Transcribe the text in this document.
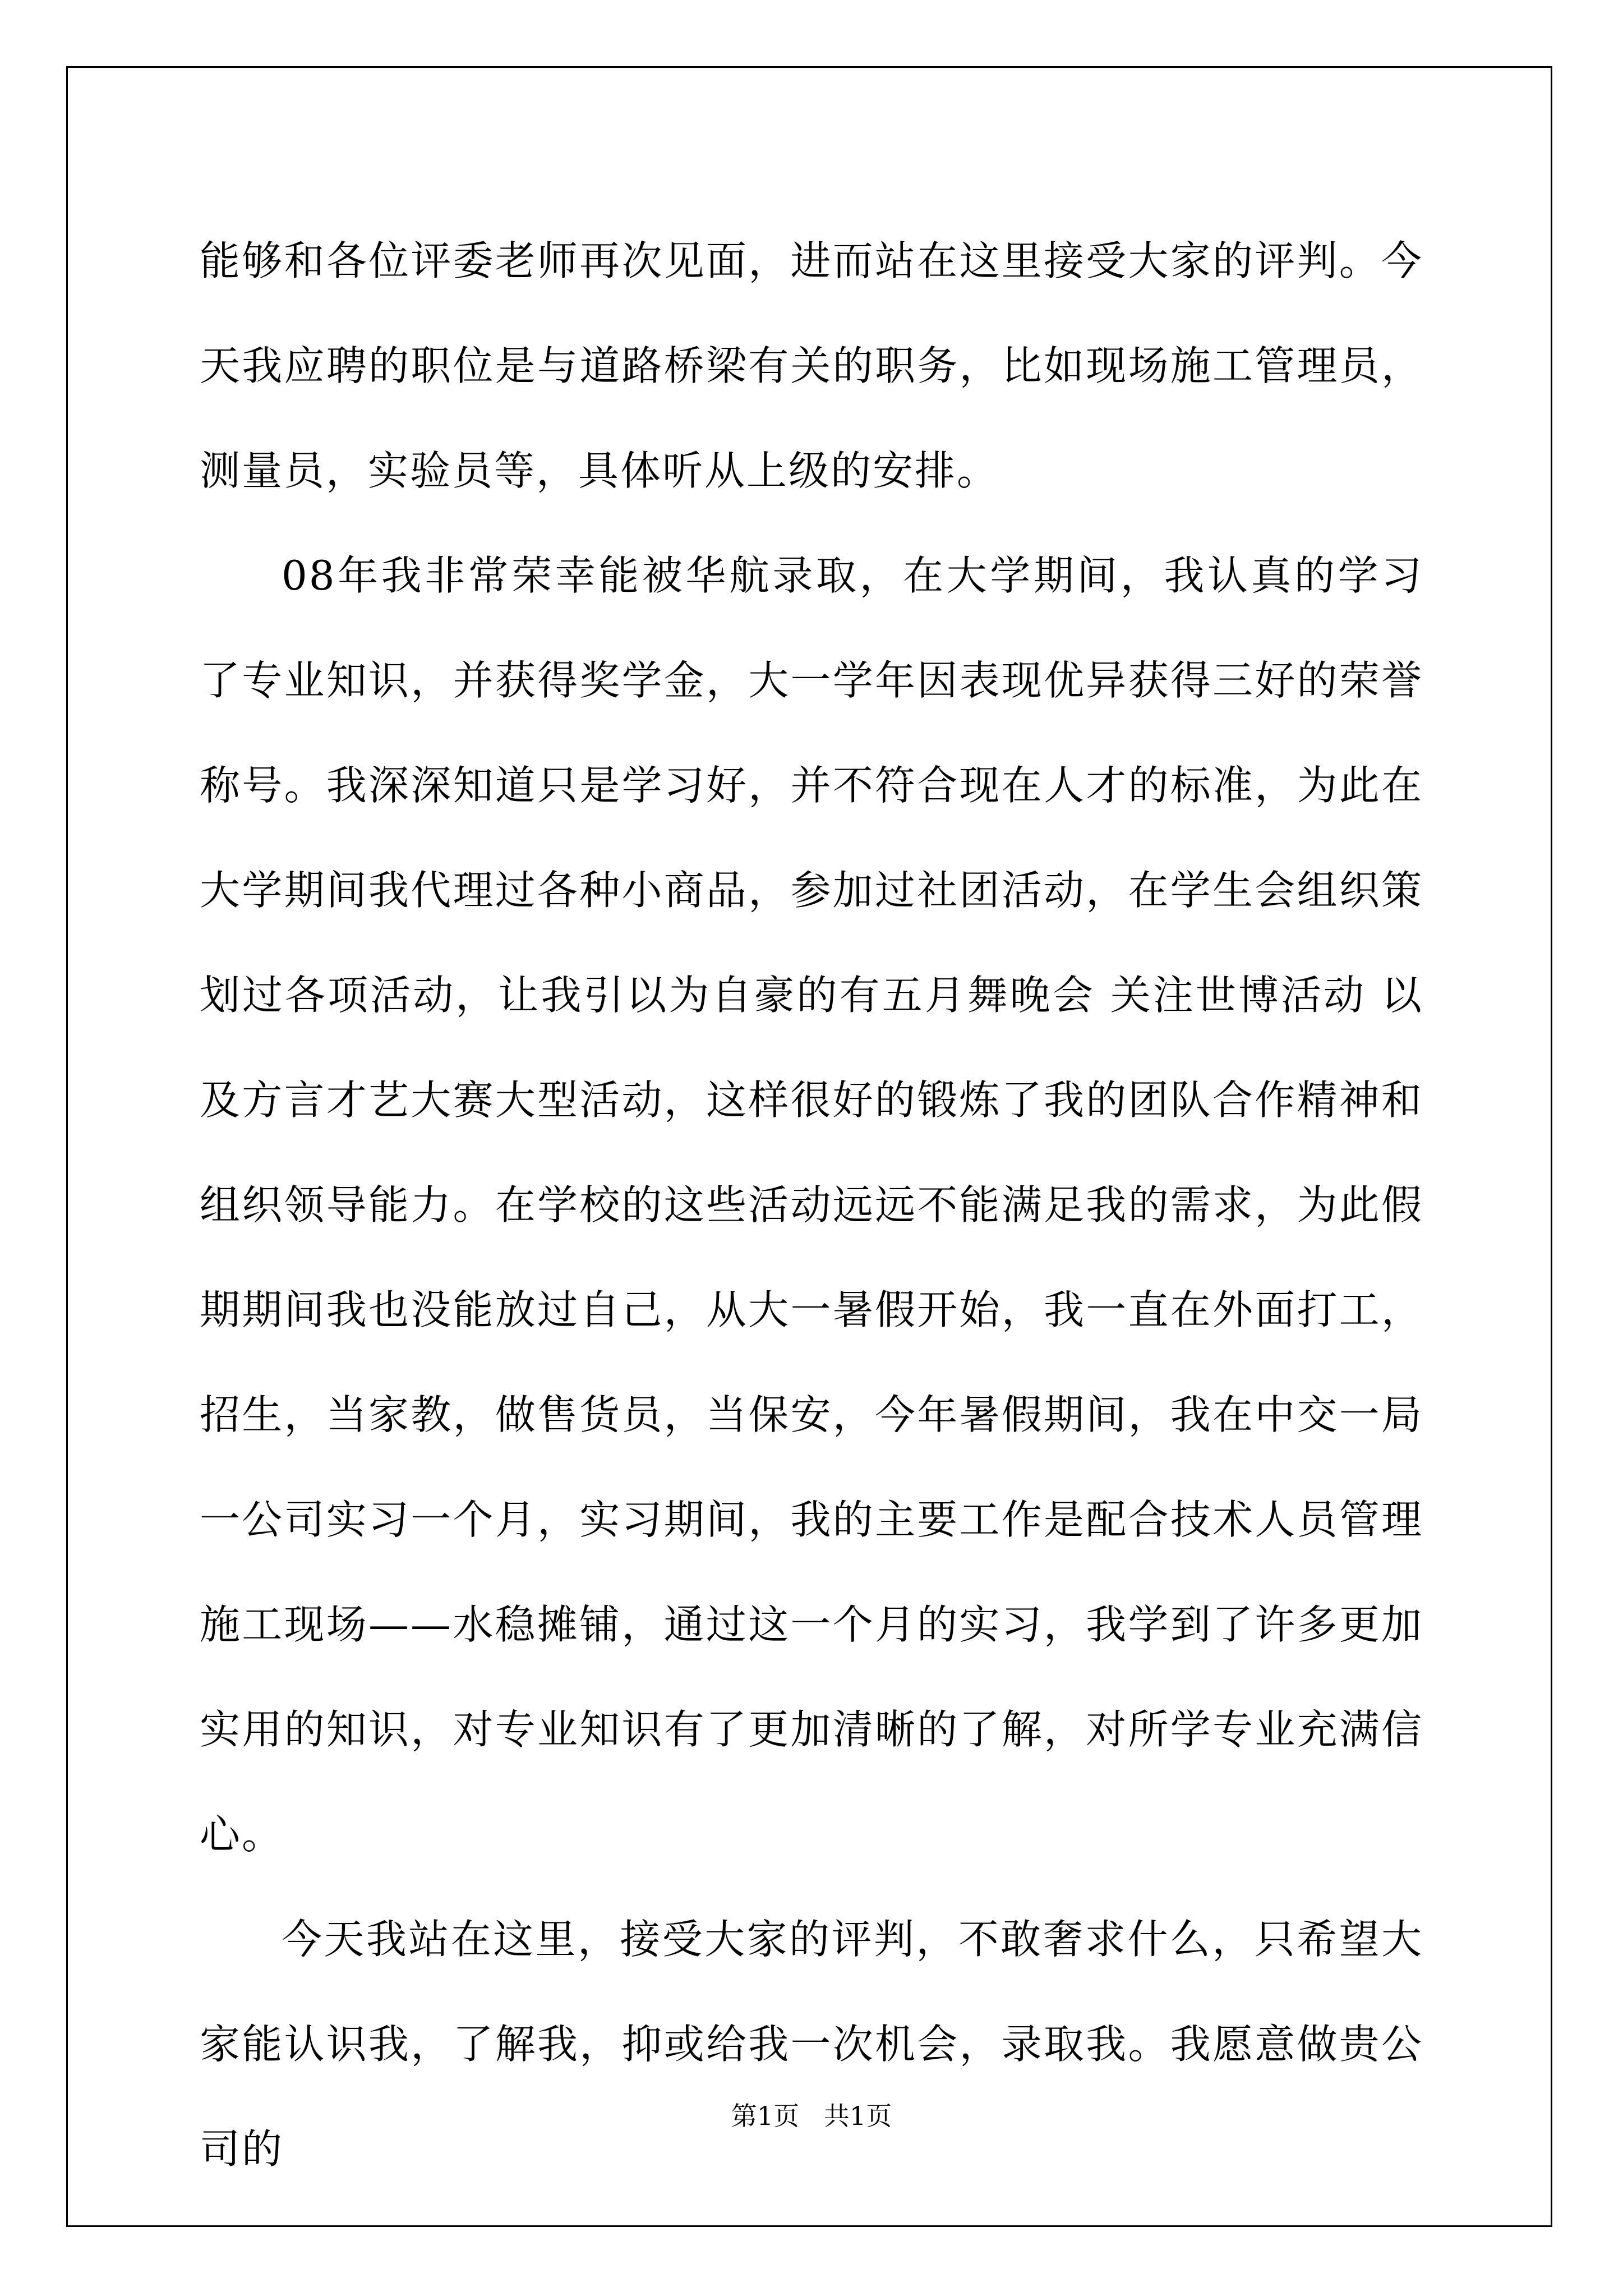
能够和各位评委老师再次见面，进而站在这里接受大家的评判。今天我应聘的职位是与道路桥梁有关的职务，比如现场施工管理员，测量员，实验员等，具体听从上级的安排。

08年我非常荣幸能被华航录取，在大学期间，我认真的学习了专业知识，并获得奖学金，大一学年因表现优异获得三好的荣誉称号。我深深知道只是学习好，并不符合现在人才的标准，为此在大学期间我代理过各种小商品，参加过社团活动，在学生会组织策划过各项活动，让我引以为自豪的有五月舞晚会 关注世博活动 以及方言才艺大赛大型活动，这样很好的锻炼了我的团队合作精神和组织领导能力。在学校的这些活动远远不能满足我的需求，为此假期期间我也没能放过自己，从大一暑假开始，我一直在外面打工，招生，当家教，做售货员，当保安，今年暑假期间，我在中交一局一公司实习一个月，实习期间，我的主要工作是配合技术人员管理施工现场——水稳摊铺，通过这一个月的实习，我学到了许多更加实用的知识，对专业知识有了更加清晰的了解，对所学专业充满信心。

今天我站在这里，接受大家的评判，不敢奢求什么，只希望大家能认识我，了解我，抑或给我一次机会，录取我。我愿意做贵公司的

第1页   共1页
